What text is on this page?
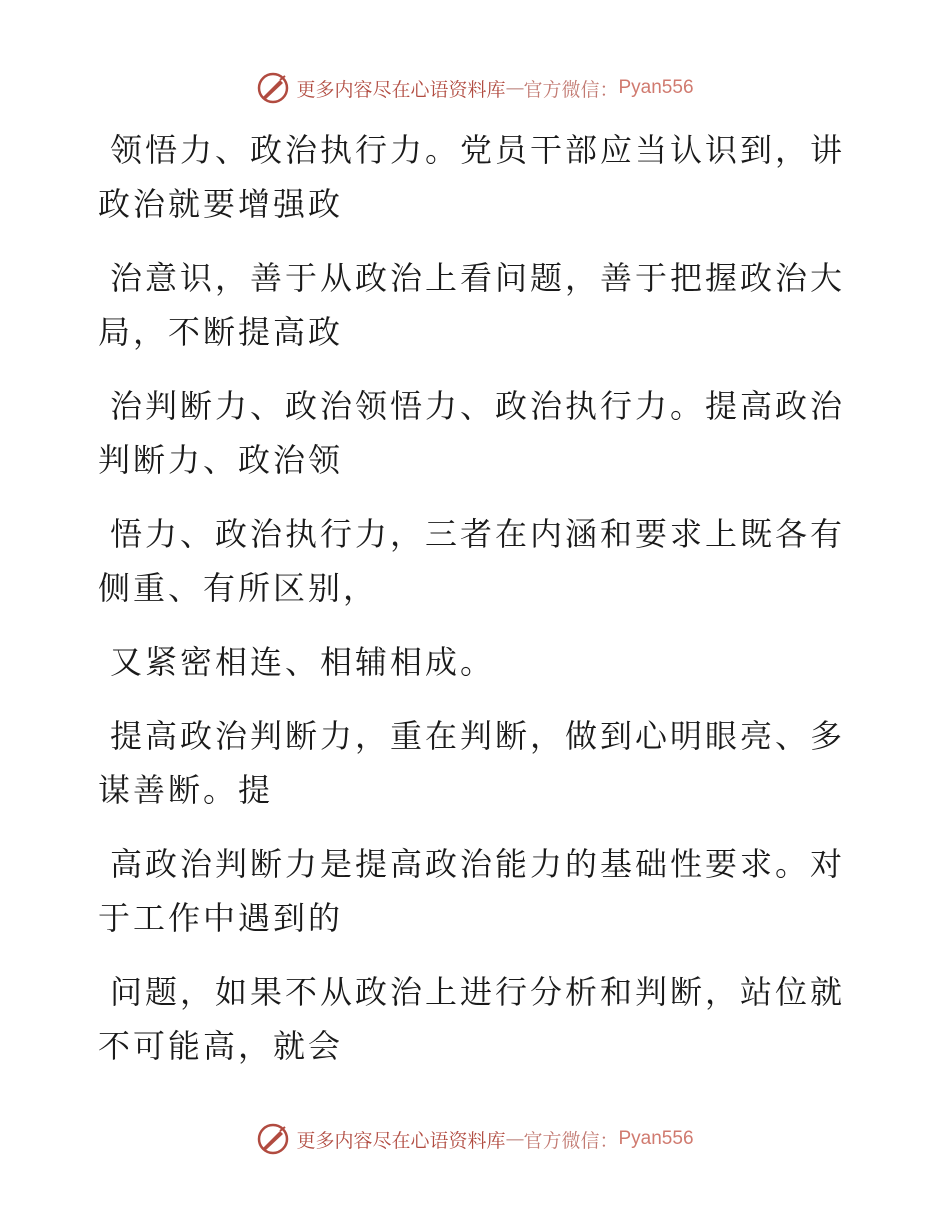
更多内容尽在心语资料库 — 官方微信： Pyan556

领悟力、政治执行力。党员干部应当认识到，讲
政治就要增强政

治意识，善于从政治上看问题，善于把握政治大
局，不断提高政

治判断力、政治领悟力、政治执行力。提高政治
判断力、政治领

悟力、政治执行力，三者在内涵和要求上既各有
侧重、有所区别，

又紧密相连、相辅相成。

提高政治判断力，重在判断，做到心明眼亮、多
谋善断。提

高政治判断力是提高政治能力的基础性要求。对
于工作中遇到的

问题，如果不从政治上进行分析和判断，站位就
不可能高，就会

更多内容尽在心语资料库 — 官方微信： Pyan556
